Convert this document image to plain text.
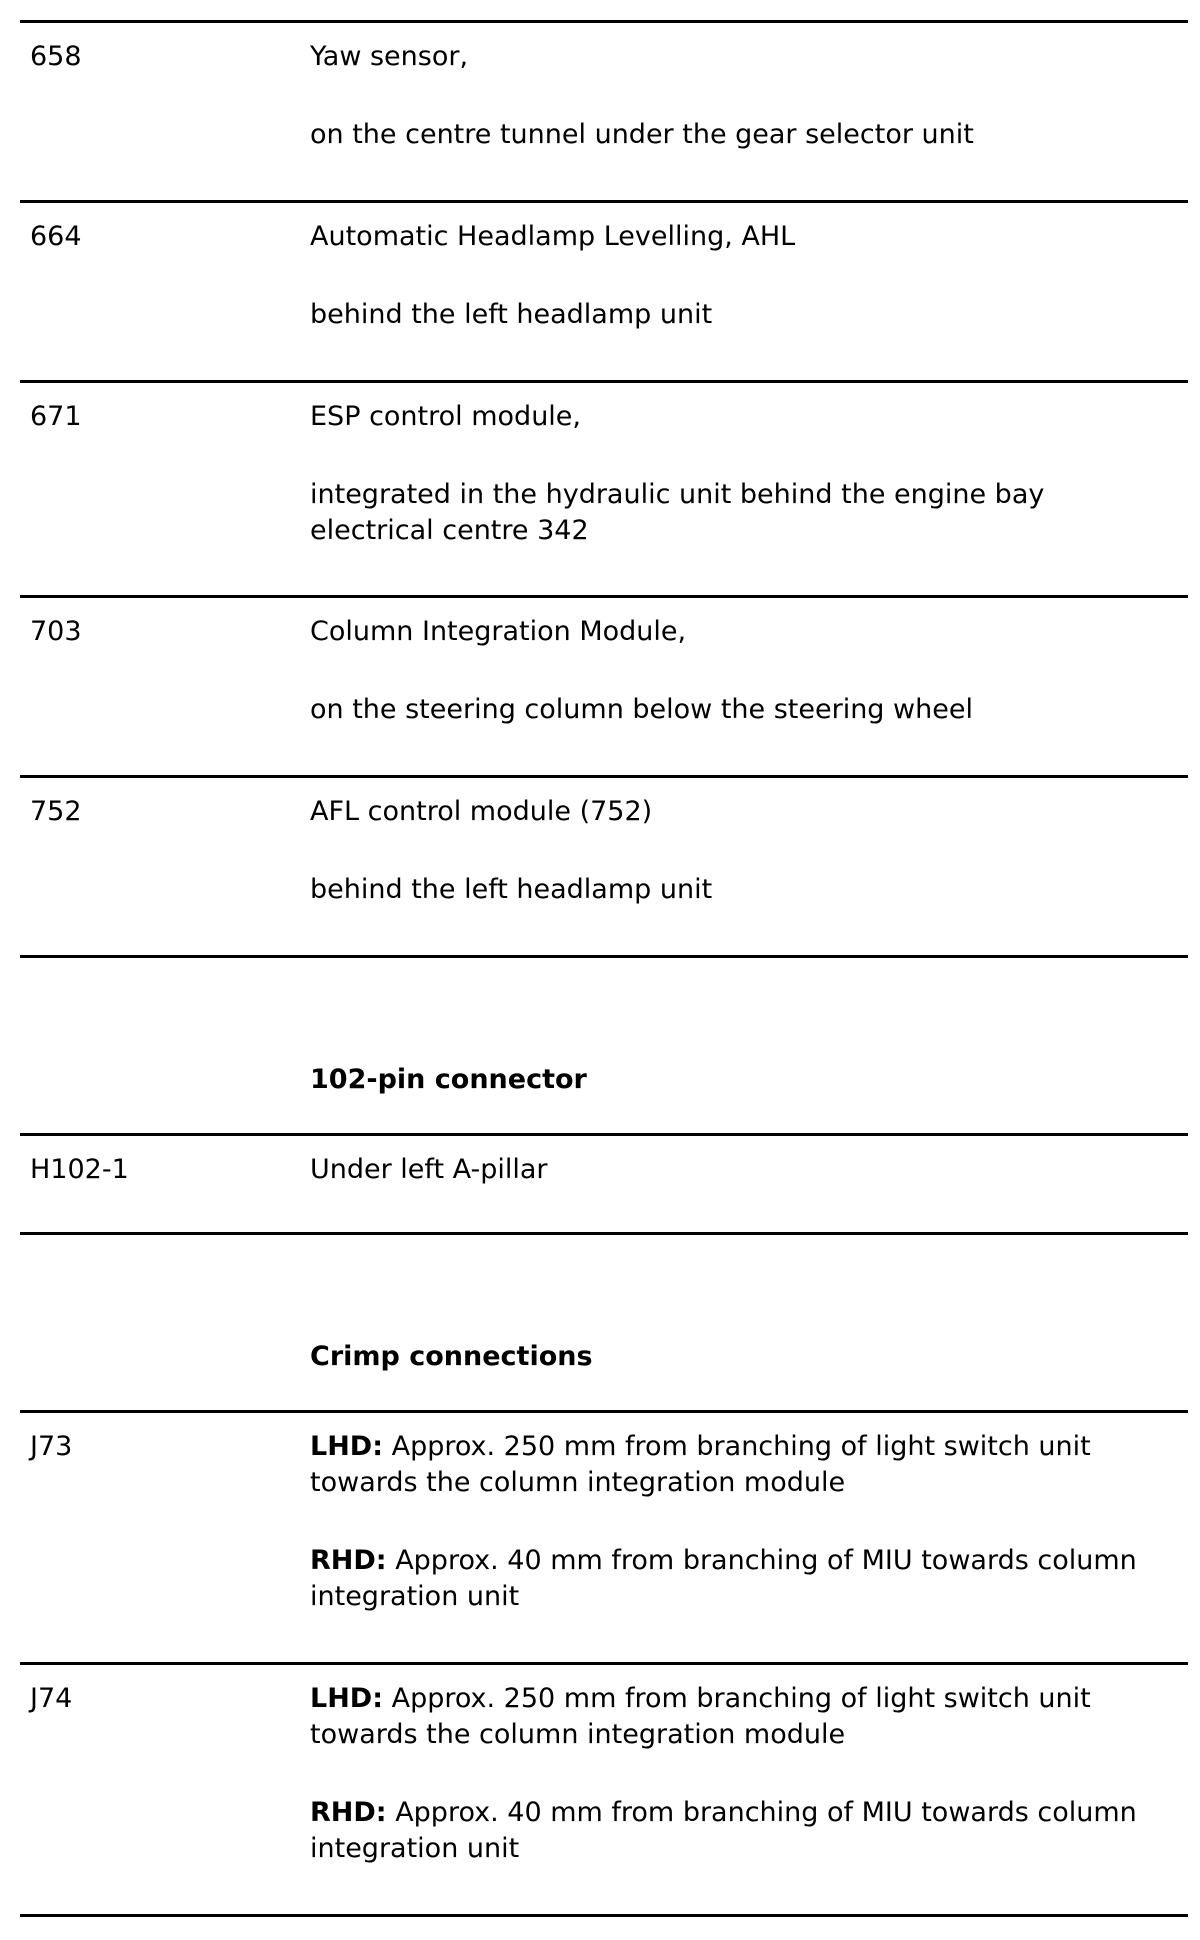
658	Yaw sensor,

on the centre tunnel under the gear selector unit

664	Automatic Headlamp Levelling, AHL

behind the left headlamp unit

671	ESP control module,

integrated in the hydraulic unit behind the engine bay electrical centre 342

703	Column Integration Module,

on the steering column below the steering wheel

752	AFL control module (752)

behind the left headlamp unit

102-pin connector
H102-1	Under left A-pillar

Crimp connections
J73	LHD: Approx. 250 mm from branching of light switch unit towards the column integration module

RHD: Approx. 40 mm from branching of MIU towards column integration unit

J74	LHD: Approx. 250 mm from branching of light switch unit towards the column integration module

RHD: Approx. 40 mm from branching of MIU towards column integration unit
